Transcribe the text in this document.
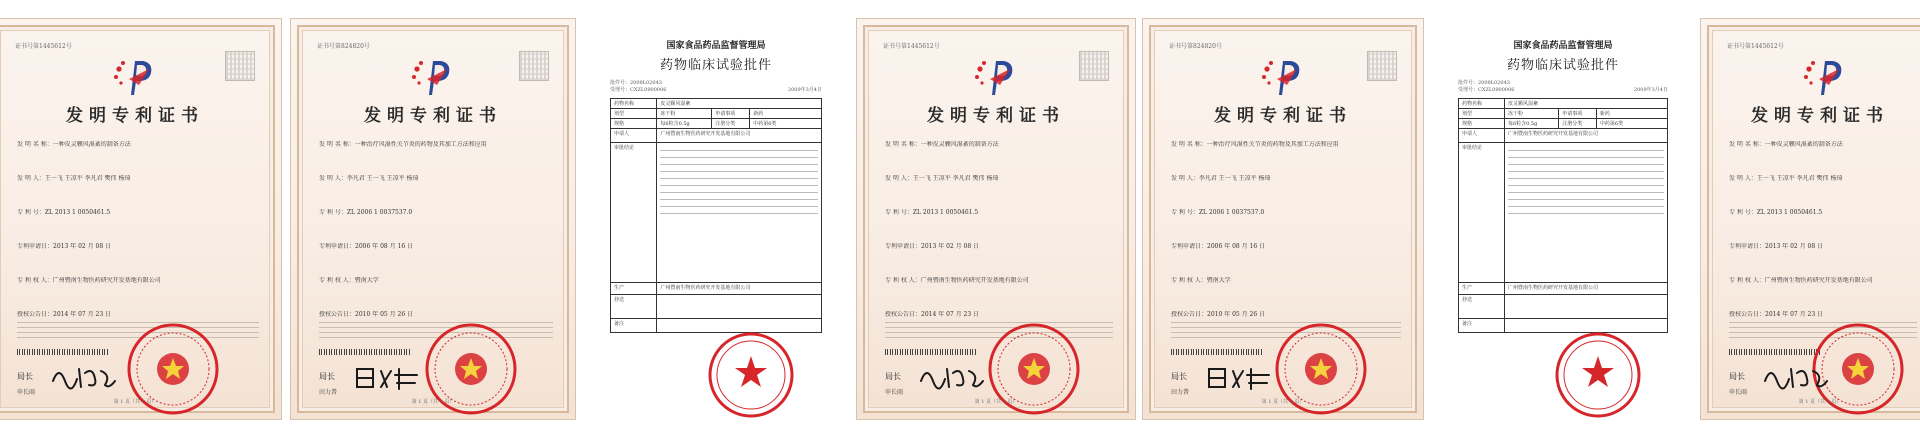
证书号第1445612号
发明专利证书
发 明 名 称：一种皮灵颗风湿紊的制备方法
发 明 人：王一飞 王凉平 李凡君 樊伟 杨琦
专 利 号：ZL 2013 1 0050461.5
专利申请日：2013 年 02 月 08 日
专 利 权 人：广州暨南生物医药研究开发基地有限公司
授权公告日：2014 年 07 月 23 日
局长
申长雨
第 1 页（共 1 页）
证书号第824820号
发明专利证书
发 明 名 称：一种治疗风湿性关节炎的药物及其加工方法和应用
发 明 人：李凡君 王一飞 王凉平 杨琦
专 利 号：ZL 2006 1 0037537.0
专利申请日：2006 年 08 月 16 日
专 利 权 人：暨南大学
授权公告日：2010 年 05 月 26 日
局长
田力普
第 1 页（共 1 页）
国家食品药品监督管理局
药物临床试验批件
批件号：2009L02043
受理号：CXZL0900006	2009年3月4日
药物名称	皮灵颗风湿紊		
剂型	冻干粉	申请事项	新药
规格	每6粒含0.5g	注册分类	中药第6类
申请人	广州暨南生物医药研究开发基地有限公司		
审批结论			

生产	广州暨南生物医药研究开发基地有限公司		
抄送			
备注			
证书号第1445612号
发明专利证书
发 明 名 称：一种皮灵颗风湿紊的制备方法
发 明 人：王一飞 王凉平 李凡君 樊伟 杨琦
专 利 号：ZL 2013 1 0050461.5
专利申请日：2013 年 02 月 08 日
专 利 权 人：广州暨南生物医药研究开发基地有限公司
授权公告日：2014 年 07 月 23 日
局长
申长雨
第 1 页（共 1 页）
证书号第824820号
发明专利证书
发 明 名 称：一种治疗风湿性关节炎的药物及其加工方法和应用
发 明 人：李凡君 王一飞 王凉平 杨琦
专 利 号：ZL 2006 1 0037537.0
专利申请日：2006 年 08 月 16 日
专 利 权 人：暨南大学
授权公告日：2010 年 05 月 26 日
局长
田力普
第 1 页（共 1 页）
国家食品药品监督管理局
药物临床试验批件
批件号：2009L02043
受理号：CXZL0900006	2009年3月4日
药物名称	皮灵颗风湿紊		
剂型	冻干粉	申请事项	新药
规格	每6粒含0.5g	注册分类	中药第6类
申请人	广州暨南生物医药研究开发基地有限公司		
审批结论			

生产	广州暨南生物医药研究开发基地有限公司		
抄送			
备注			
证书号第1445612号
发明专利证书
发 明 名 称：一种皮灵颗风湿紊的制备方法
发 明 人：王一飞 王凉平 李凡君 樊伟 杨琦
专 利 号：ZL 2013 1 0050461.5
专利申请日：2013 年 02 月 08 日
专 利 权 人：广州暨南生物医药研究开发基地有限公司
授权公告日：2014 年 07 月 23 日
局长
申长雨
第 1 页（共 1 页）
